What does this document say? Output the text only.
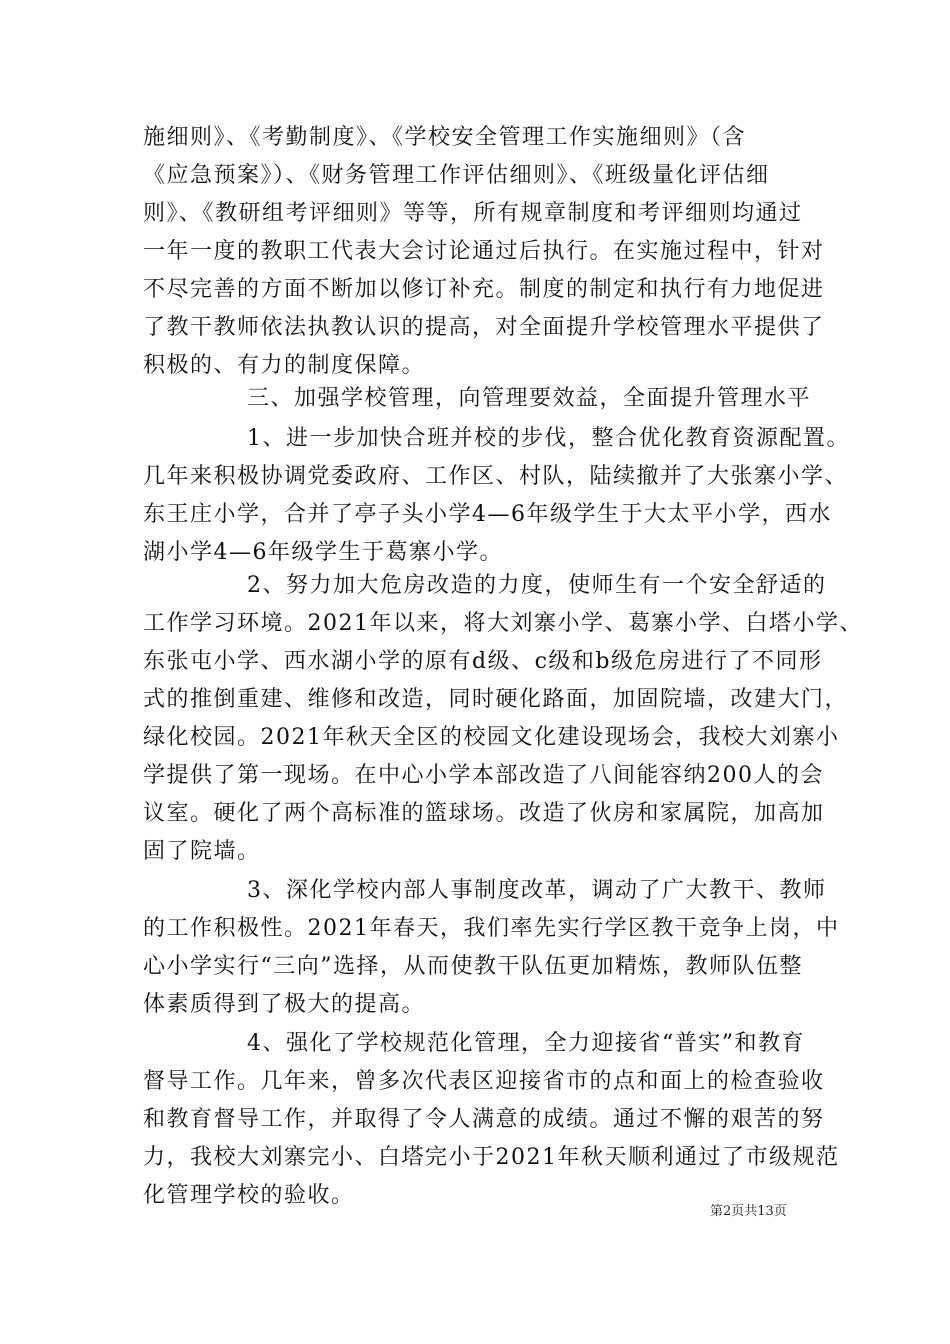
施细则》、《考勤制度》、《学校安全管理工作实施细则》（含
《应急预案》）、《财务管理工作评估细则》、《班级量化评估细
则》、《教研组考评细则》等等，所有规章制度和考评细则均通过
一年一度的教职工代表大会讨论通过后执行。在实施过程中，针对
不尽完善的方面不断加以修订补充。制度的制定和执行有力地促进
了教干教师依法执教认识的提高，对全面提升学校管理水平提供了
积极的、有力的制度保障。
三、加强学校管理，向管理要效益，全面提升管理水平
1、进一步加快合班并校的步伐，整合优化教育资源配置。
几年来积极协调党委政府、工作区、村队，陆续撤并了大张寨小学、
东王庄小学，合并了亭子头小学4—6年级学生于大太平小学，西水
湖小学4—6年级学生于葛寨小学。
2、努力加大危房改造的力度，使师生有一个安全舒适的
工作学习环境。2021年以来，将大刘寨小学、葛寨小学、白塔小学、
东张屯小学、西水湖小学的原有d级、c级和b级危房进行了不同形
式的推倒重建、维修和改造，同时硬化路面，加固院墙，改建大门，
绿化校园。2021年秋天全区的校园文化建设现场会，我校大刘寨小
学提供了第一现场。在中心小学本部改造了八间能容纳200人的会
议室。硬化了两个高标准的篮球场。改造了伙房和家属院，加高加
固了院墙。
3、深化学校内部人事制度改革，调动了广大教干、教师
的工作积极性。2021年春天，我们率先实行学区教干竞争上岗，中
心小学实行“三向”选择，从而使教干队伍更加精炼，教师队伍整
体素质得到了极大的提高。
4、强化了学校规范化管理，全力迎接省“普实”和教育
督导工作。几年来，曾多次代表区迎接省市的点和面上的检查验收
和教育督导工作，并取得了令人满意的成绩。通过不懈的艰苦的努
力，我校大刘寨完小、白塔完小于2021年秋天顺利通过了市级规范
化管理学校的验收。
第2页共13页
